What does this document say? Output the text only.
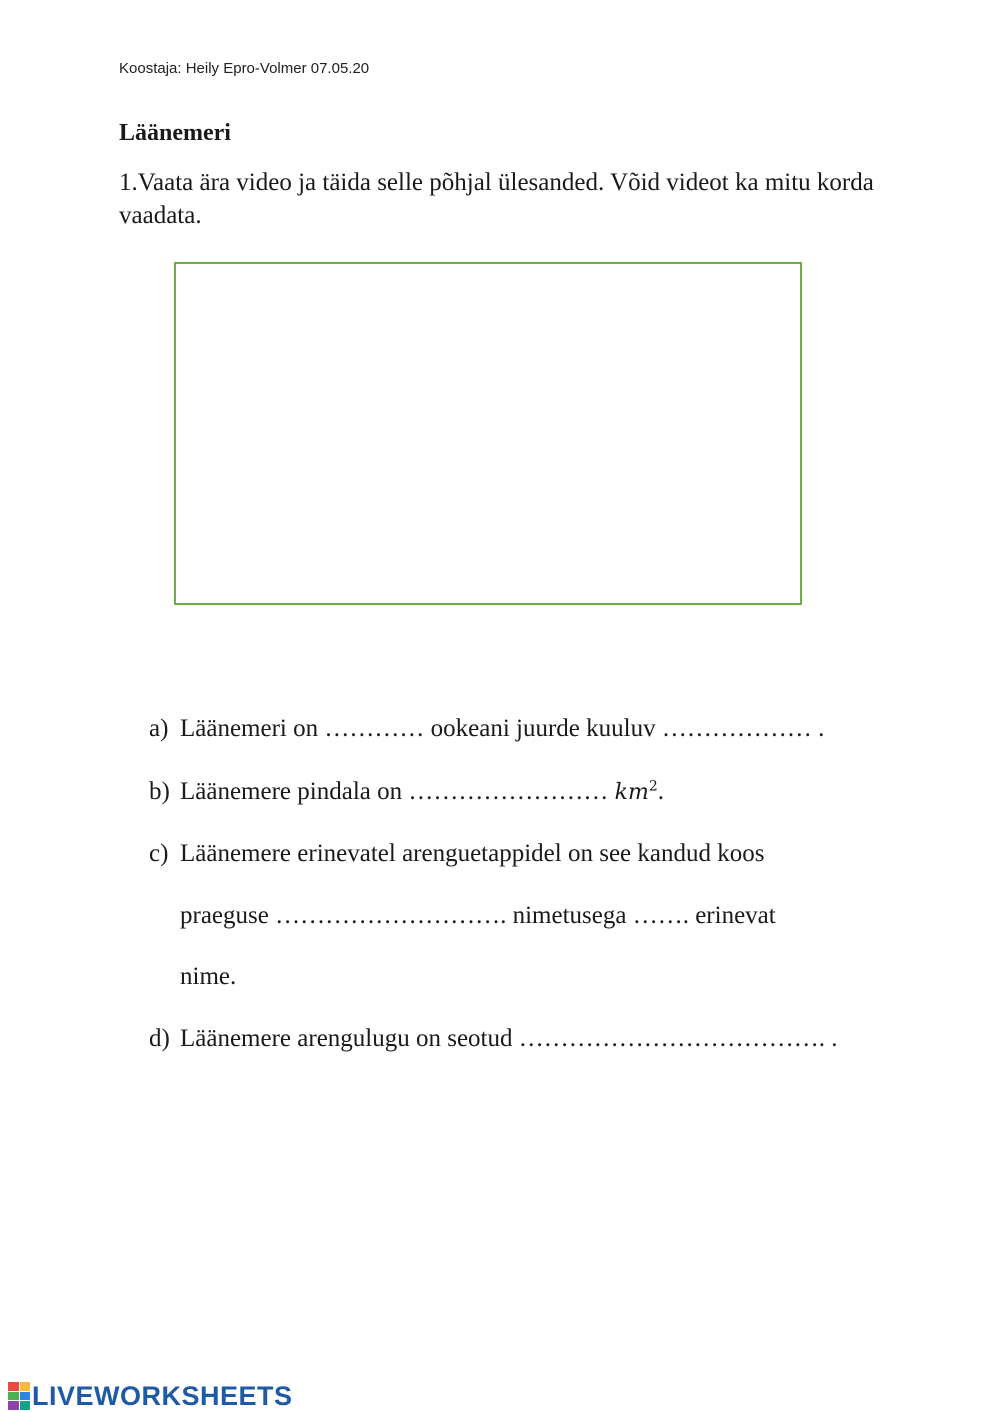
Koostaja: Heily Epro-Volmer 07.05.20
Läänemeri
1.Vaata ära video ja täida selle põhjal ülesanded. Võid videot ka mitu korda vaadata.
a) Läänemeri on ………… ookeani juurde kuuluv ……………… .
b) Läänemere pindala on …………………… $km^2$.
c) Läänemere erinevatel arenguetappidel on see kandud koos
praeguse ………………………. nimetusega ……. erinevat
nime.
d) Läänemere arengulugu on seotud ………………………………. .
LIVEWORKSHEETS
